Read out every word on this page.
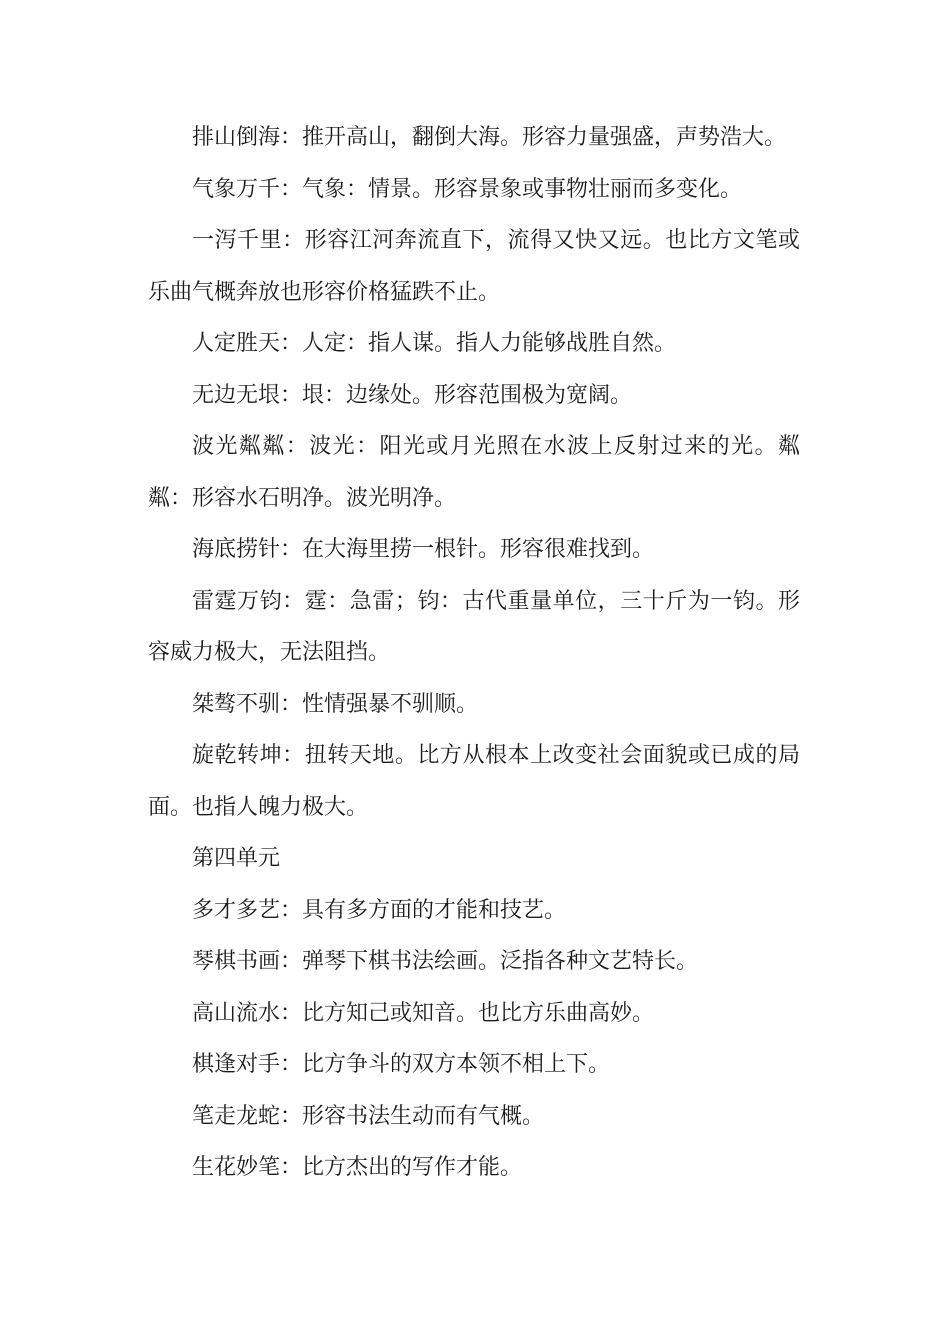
排山倒海：推开高山，翻倒大海。形容力量强盛，声势浩大。

气象万千：气象：情景。形容景象或事物壮丽而多变化。

一泻千里：形容江河奔流直下，流得又快又远。也比方文笔或乐曲气概奔放也形容价格猛跌不止。

人定胜天：人定：指人谋。指人力能够战胜自然。

无边无垠：垠：边缘处。形容范围极为宽阔。

波光粼粼：波光：阳光或月光照在水波上反射过来的光。粼粼：形容水石明净。波光明净。

海底捞针：在大海里捞一根针。形容很难找到。

雷霆万钧：霆：急雷；钧：古代重量单位，三十斤为一钧。形容威力极大，无法阻挡。

桀骜不驯：性情强暴不驯顺。

旋乾转坤：扭转天地。比方从根本上改变社会面貌或已成的局面。也指人魄力极大。

第四单元

多才多艺：具有多方面的才能和技艺。

琴棋书画：弹琴下棋书法绘画。泛指各种文艺特长。

高山流水：比方知己或知音。也比方乐曲高妙。

棋逢对手：比方争斗的双方本领不相上下。

笔走龙蛇：形容书法生动而有气概。

生花妙笔：比方杰出的写作才能。
